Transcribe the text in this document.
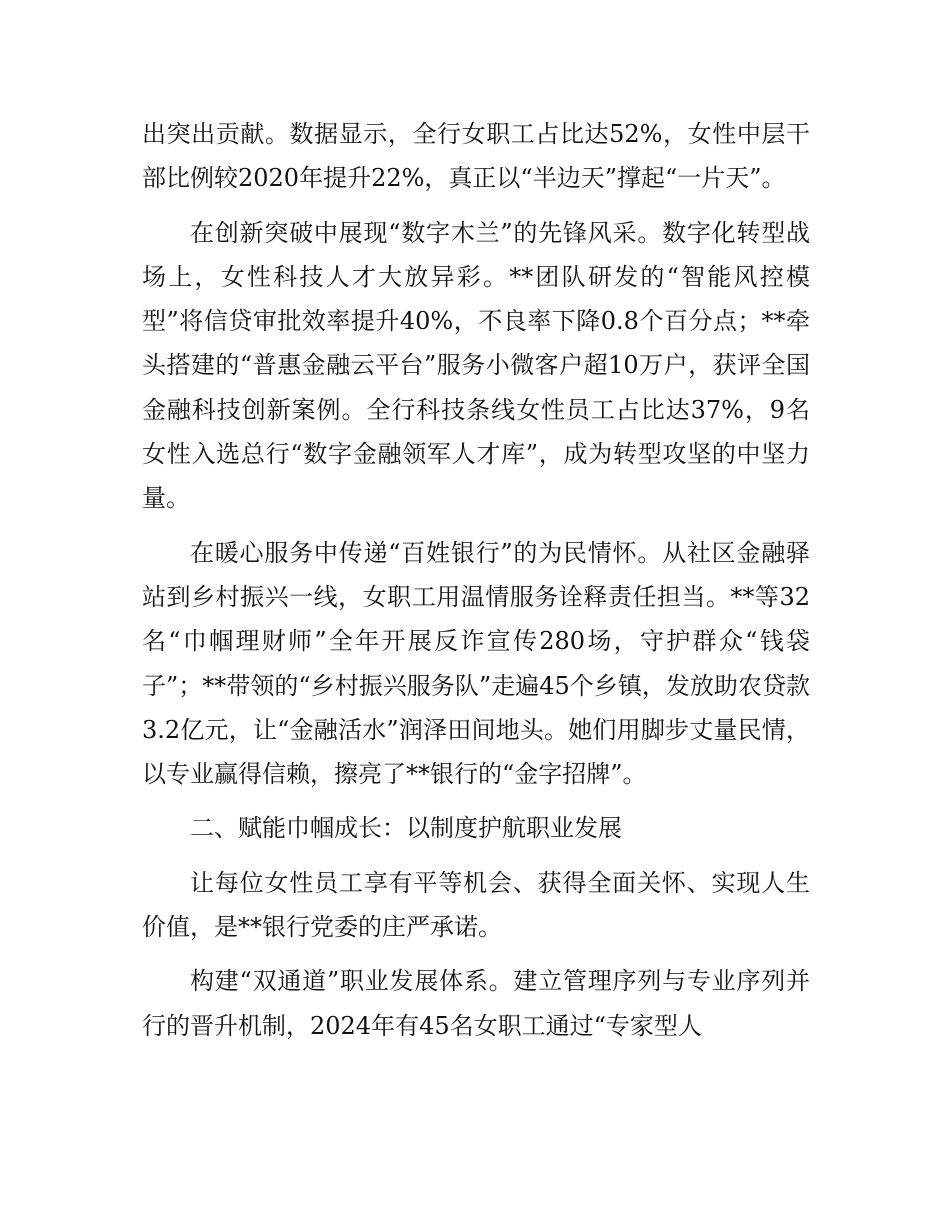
出突出贡献。数据显示，全行女职工占比达52%，女性中层干部比例较2020年提升22%，真正以“半边天”撑起“一片天”。

在创新突破中展现“数字木兰”的先锋风采。数字化转型战场上，女性科技人才大放异彩。**团队研发的“智能风控模型”将信贷审批效率提升40%，不良率下降0.8个百分点；**牵头搭建的“普惠金融云平台”服务小微客户超10万户，获评全国金融科技创新案例。全行科技条线女性员工占比达37%，9名女性入选总行“数字金融领军人才库”，成为转型攻坚的中坚力量。

在暖心服务中传递“百姓银行”的为民情怀。从社区金融驿站到乡村振兴一线，女职工用温情服务诠释责任担当。**等32名“巾帼理财师”全年开展反诈宣传280场，守护群众“钱袋子”；**带领的“乡村振兴服务队”走遍45个乡镇，发放助农贷款3.2亿元，让“金融活水”润泽田间地头。她们用脚步丈量民情，以专业赢得信赖，擦亮了**银行的“金字招牌”。

二、赋能巾帼成长：以制度护航职业发展

让每位女性员工享有平等机会、获得全面关怀、实现人生价值，是**银行党委的庄严承诺。

构建“双通道”职业发展体系。建立管理序列与专业序列并行的晋升机制，2024年有45名女职工通过“专家型人
